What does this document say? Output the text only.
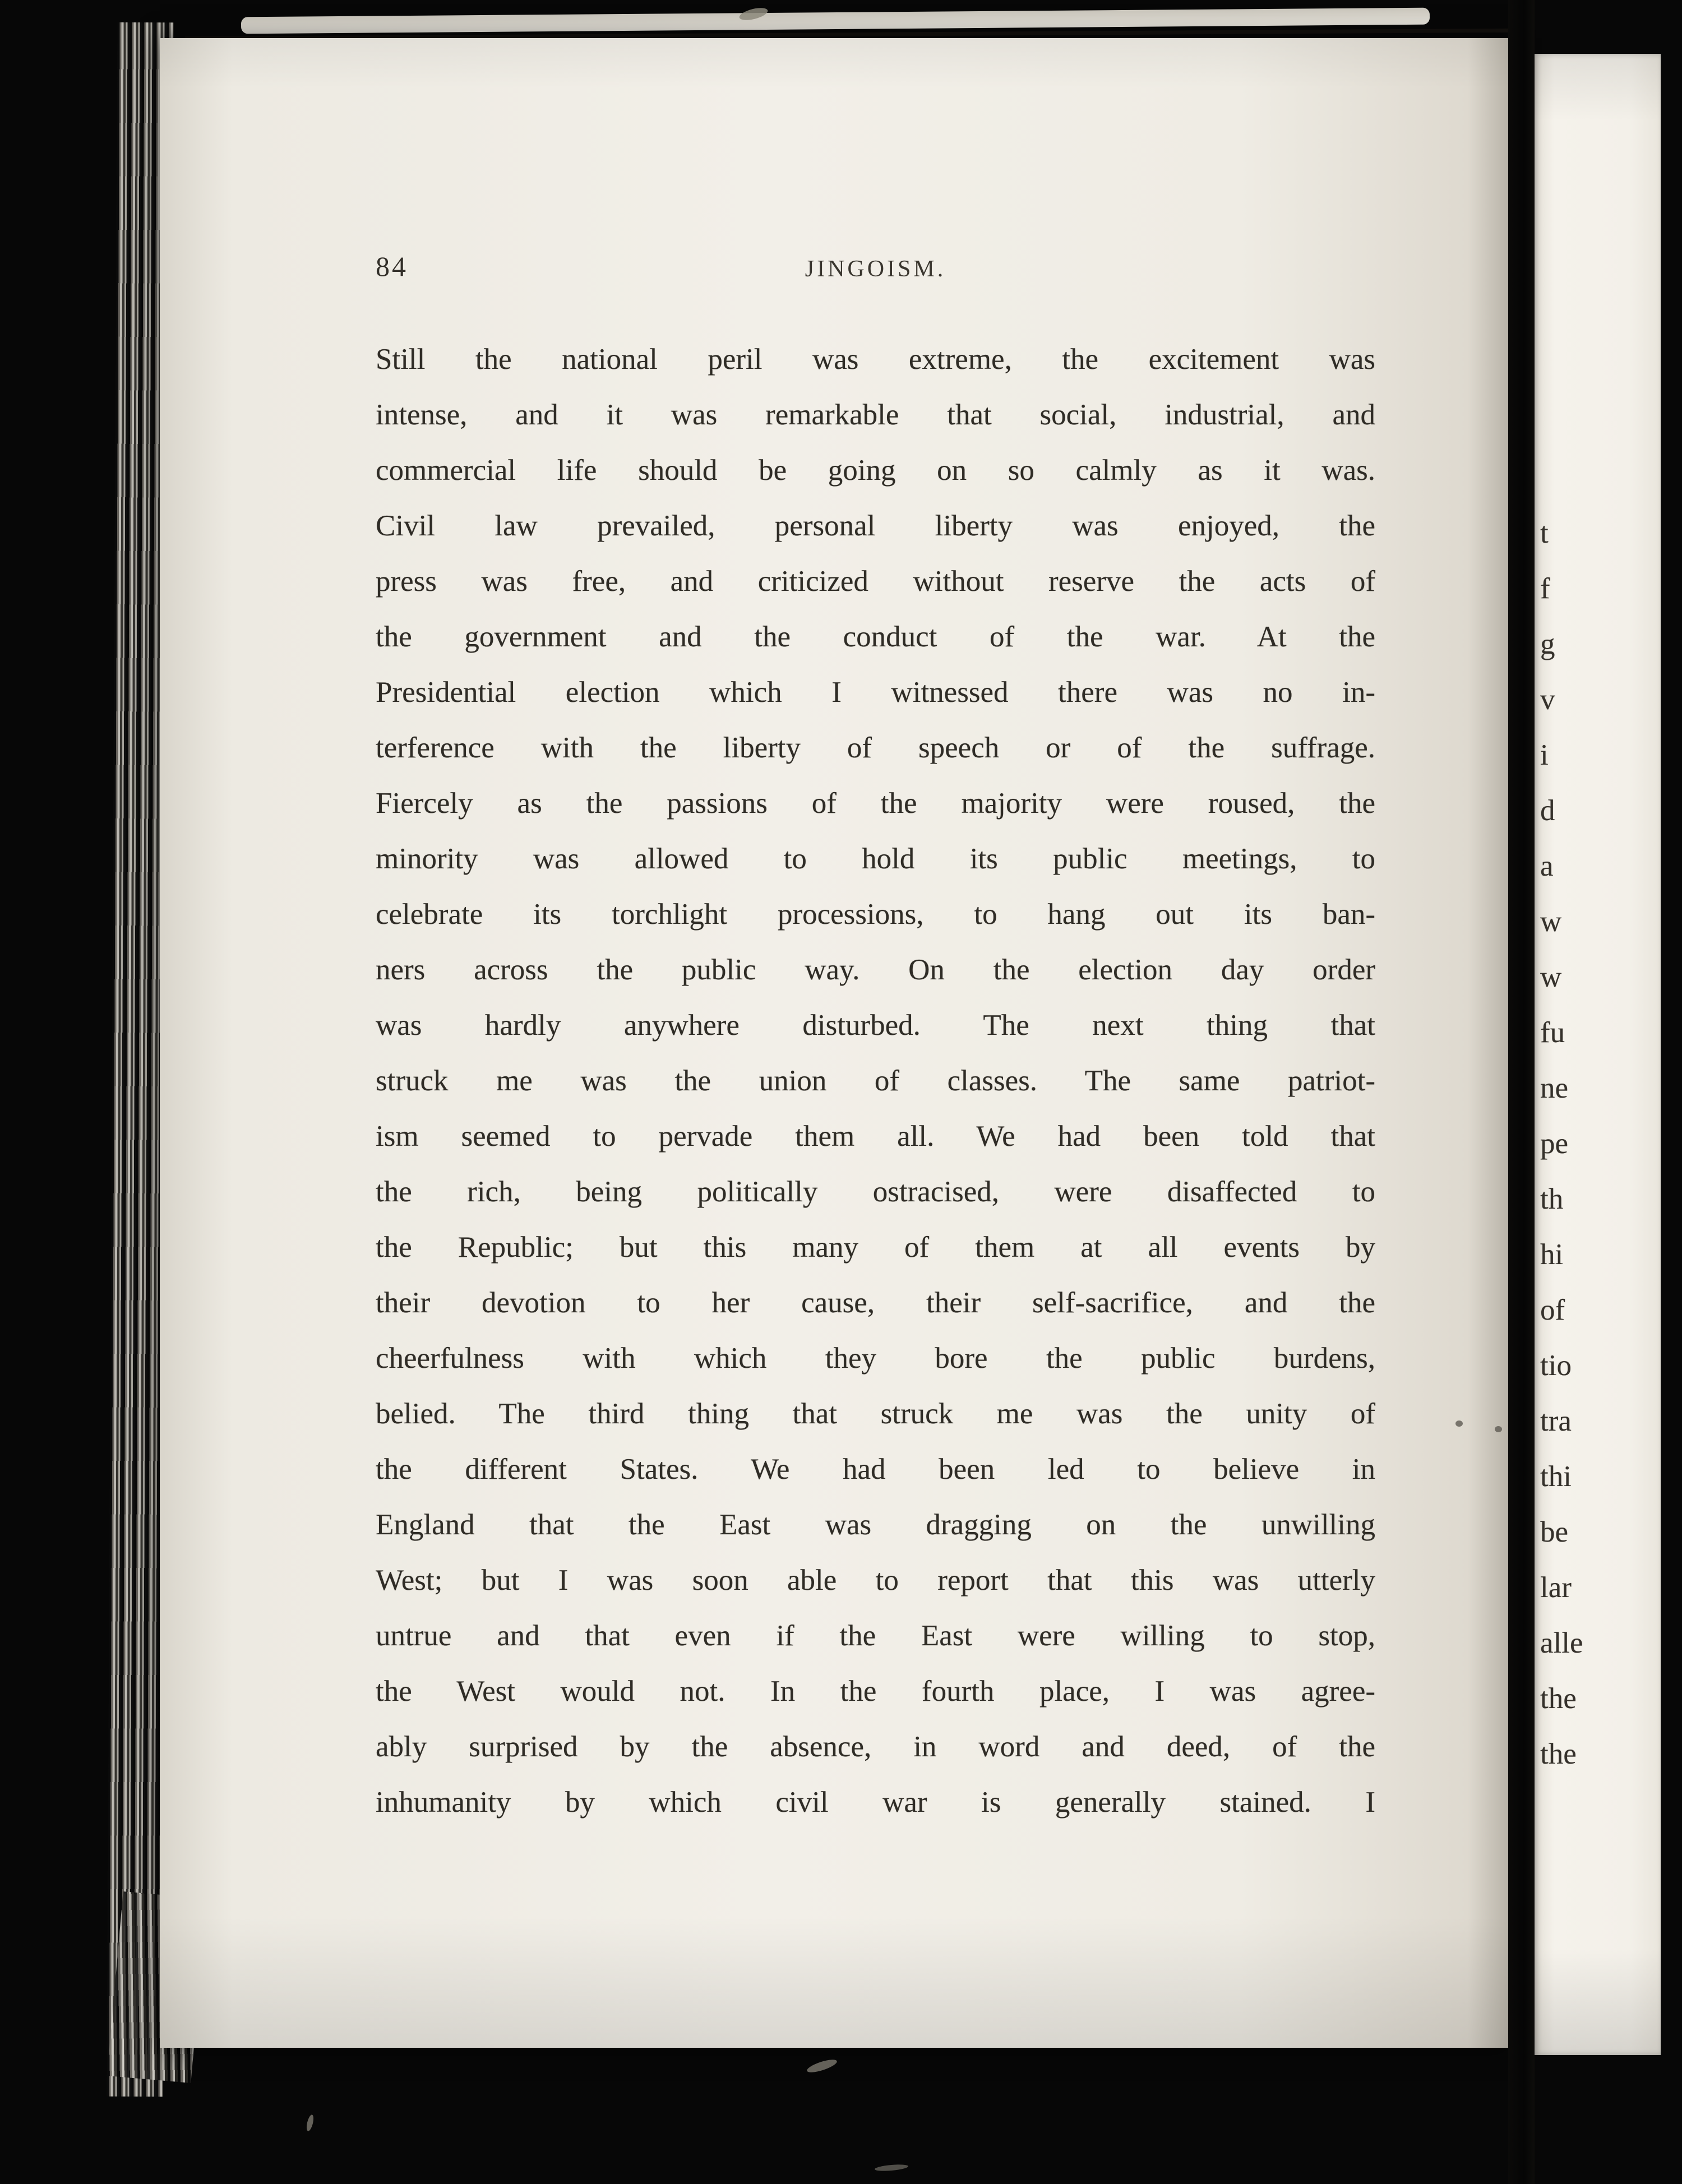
84	JINGOISM.
Still the national peril was extreme, the excitement was
intense, and it was remarkable that social, industrial, and
commercial life should be going on so calmly as it was.
Civil law prevailed, personal liberty was enjoyed, the
press was free, and criticized without reserve the acts of
the government and the conduct of the war. At the
Presidential election which I witnessed there was no in-
terference with the liberty of speech or of the suffrage.
Fiercely as the passions of the majority were roused, the
minority was allowed to hold its public meetings, to
celebrate its torchlight processions, to hang out its ban-
ners across the public way. On the election day order
was hardly anywhere disturbed. The next thing that
struck me was the union of classes. The same patriot-
ism seemed to pervade them all. We had been told that
the rich, being politically ostracised, were disaffected to
the Republic; but this many of them at all events by
their devotion to her cause, their self-sacrifice, and the
cheerfulness with which they bore the public burdens,
belied. The third thing that struck me was the unity of
the different States. We had been led to believe in
England that the East was dragging on the unwilling
West; but I was soon able to report that this was utterly
untrue and that even if the East were willing to stop,
the West would not. In the fourth place, I was agree-
ably surprised by the absence, in word and deed, of the
inhumanity by which civil war is generally stained. I
t
f
g
v
i
d
a
w
w
fu
ne
pe
th
hi
of
tio
tra
thi
be
lar
alle
the
the
